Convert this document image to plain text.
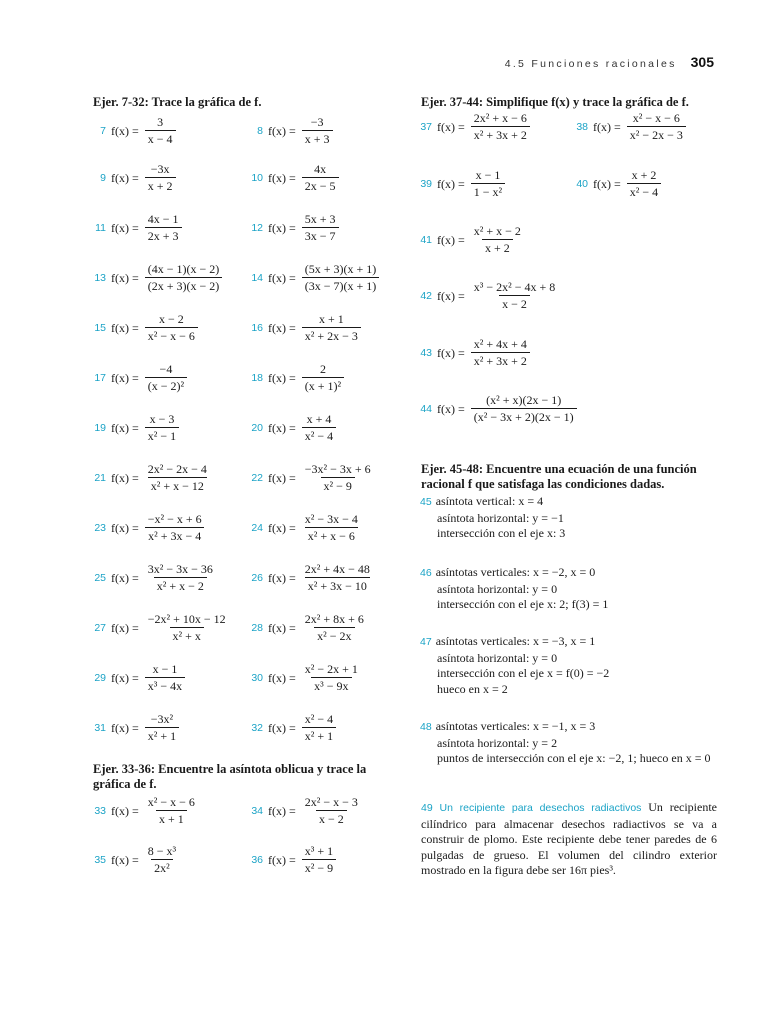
4.5 Funciones racionales 305
Ejer. 7-32: Trace la gráfica de f.
Ejer. 33-36: Encuentre la asíntota oblicua y trace la gráfica de f.
Ejer. 37-44: Simplifique f(x) y trace la gráfica de f.
Ejer. 45-48: Encuentre una ecuación de una función racional f que satisfaga las condiciones dadas.
7 $f(x) = \frac{3}{x - 4}$	8 $f(x) = \frac{-3}{x + 3}$
9 $f(x) = \frac{-3x}{x + 2}$	10 $f(x) = \frac{4x}{2x - 5}$
11 $f(x) = \frac{4x - 1}{2x + 3}$	12 $f(x) = \frac{5x + 3}{3x - 7}$
13 $f(x) = \frac{(4x - 1)(x - 2)}{(2x + 3)(x - 2)}$	14 $f(x) = \frac{(5x + 3)(x + 1)}{(3x - 7)(x + 1)}$
15 $f(x) = \frac{x - 2}{\text{x² − x − 6}}$	16 $f(x) = \frac{x + 1}{\text{x² + 2x − 3}}$
17 $f(x) = \frac{-4}{\text{(x − 2)²}}$	18 $f(x) = \frac{2}{\text{(x + 1)²}}$
19 $f(x) = \frac{x - 3}{\text{x² − 1}}$	20 $f(x) = \frac{x + 4}{\text{x² − 4}}$
21 $f(x) = \frac{\text{2x² − 2x − 4}}{\text{x² + x − 12}}$	22 $f(x) = \frac{\text{−3x² − 3x + 6}}{\text{x² − 9}}$
23 $f(x) = \frac{\text{−x² − x + 6}}{\text{x² + 3x − 4}}$	24 $f(x) = \frac{\text{x² − 3x − 4}}{\text{x² + x − 6}}$
25 $f(x) = \frac{\text{3x² − 3x − 36}}{\text{x² + x − 2}}$	26 $f(x) = \frac{\text{2x² + 4x − 48}}{\text{x² + 3x − 10}}$
27 $f(x) = \frac{\text{−2x² + 10x − 12}}{\text{x² + x}}$	28 $f(x) = \frac{\text{2x² + 8x + 6}}{\text{x² − 2x}}$
29 $f(x) = \frac{x - 1}{\text{x³ − 4x}}$	30 $f(x) = \frac{\text{x² − 2x + 1}}{\text{x³ − 9x}}$
31 $f(x) = \frac{\text{−3x²}}{\text{x² + 1}}$	32 $f(x) = \frac{\text{x² − 4}}{\text{x² + 1}}$
33 $f(x) = \frac{\text{x² − x − 6}}{x + 1}$	34 $f(x) = \frac{\text{2x² − x − 3}}{x - 2}$
35 $f(x) = \frac{\text{8 − x³}}{\text{2x²}}$	36 $f(x) = \frac{\text{x³ + 1}}{\text{x² − 9}}$
37 $f(x) = \frac{\text{2x² + x − 6}}{\text{x² + 3x + 2}}$	38 $f(x) = \frac{\text{x² − x − 6}}{\text{x² − 2x − 3}}$
39 $f(x) = \frac{x - 1}{\text{1 − x²}}$	40 $f(x) = \frac{x + 2}{\text{x² − 4}}$
41 $f(x) = \frac{\text{x² + x − 2}}{x + 2}$
42 $f(x) = \frac{\text{x³ − 2x² − 4x + 8}}{x - 2}$
43 $f(x) = \frac{\text{x² + 4x + 4}}{\text{x² + 3x + 2}}$
44 $f(x) = \frac{\text{(x² + x)(2x − 1)}}{\text{(x² − 3x + 2)(2x − 1)}}$
45 asíntota vertical: x = 4
asíntota horizontal: y = −1
intersección con el eje x: 3
46 asíntotas verticales: x = −2, x = 0
asíntota horizontal: y = 0
intersección con el eje x: 2; f(3) = 1
47 asíntotas verticales: x = −3, x = 1
asíntota horizontal: y = 0
intersección con el eje x = f(0) = −2
hueco en x = 2
48 asíntotas verticales: x = −1, x = 3
asíntota horizontal: y = 2
puntos de intersección con el eje x: −2, 1; hueco en x = 0
49 Un recipiente para desechos radiactivos Un recipiente cilíndrico para almacenar desechos radiactivos se va a construir de plomo. Este recipiente debe tener paredes de 6 pulgadas de grueso. El volumen del cilindro exterior mostrado en la figura debe ser 16π pies³.
